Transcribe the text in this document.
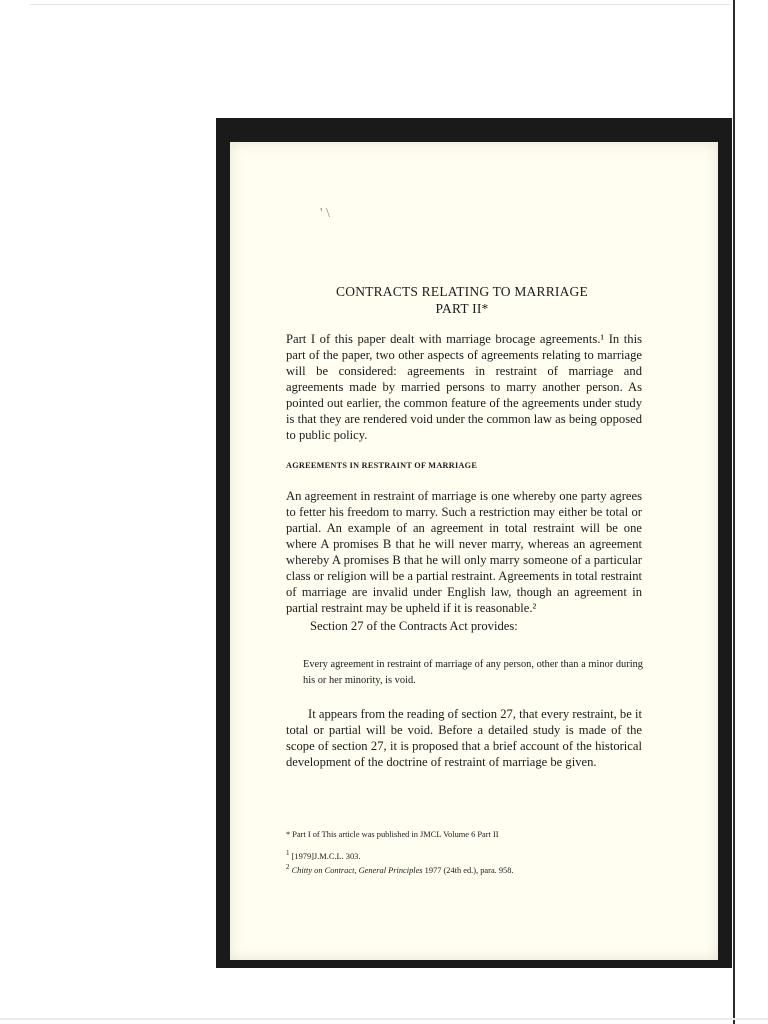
' \
CONTRACTS RELATING TO MARRIAGE
PART II*

Part I of this paper dealt with marriage brocage agreements.¹ In this part of the paper, two other aspects of agreements relating to marriage will be considered: agreements in restraint of marriage and agreements made by married persons to marry another person. As pointed out earlier, the common feature of the agreements under study is that they are rendered void under the common law as being opposed to public policy.

AGREEMENTS IN RESTRAINT OF MARRIAGE

An agreement in restraint of marriage is one whereby one party agrees to fetter his freedom to marry. Such a restriction may either be total or partial. An example of an agreement in total restraint will be one where A promises B that he will never marry, whereas an agreement whereby A promises B that he will only marry someone of a particular class or religion will be a partial restraint. Agreements in total restraint of marriage are invalid under English law, though an agreement in partial restraint may be upheld if it is reasonable.²

Section 27 of the Contracts Act provides:

Every agreement in restraint of marriage of any person, other than a minor during his or her minority, is void.

It appears from the reading of section 27, that every restraint, be it total or partial will be void. Before a detailed study is made of the scope of section 27, it is proposed that a brief account of the historical development of the doctrine of restraint of marriage be given.

* Part I of This article was published in JMCL Volume 6 Part II
$^1$ [1979]J.M.C.L. 303.
$^2$ Chitty on Contract, General Principles 1977 (24th ed.), para. 958.
